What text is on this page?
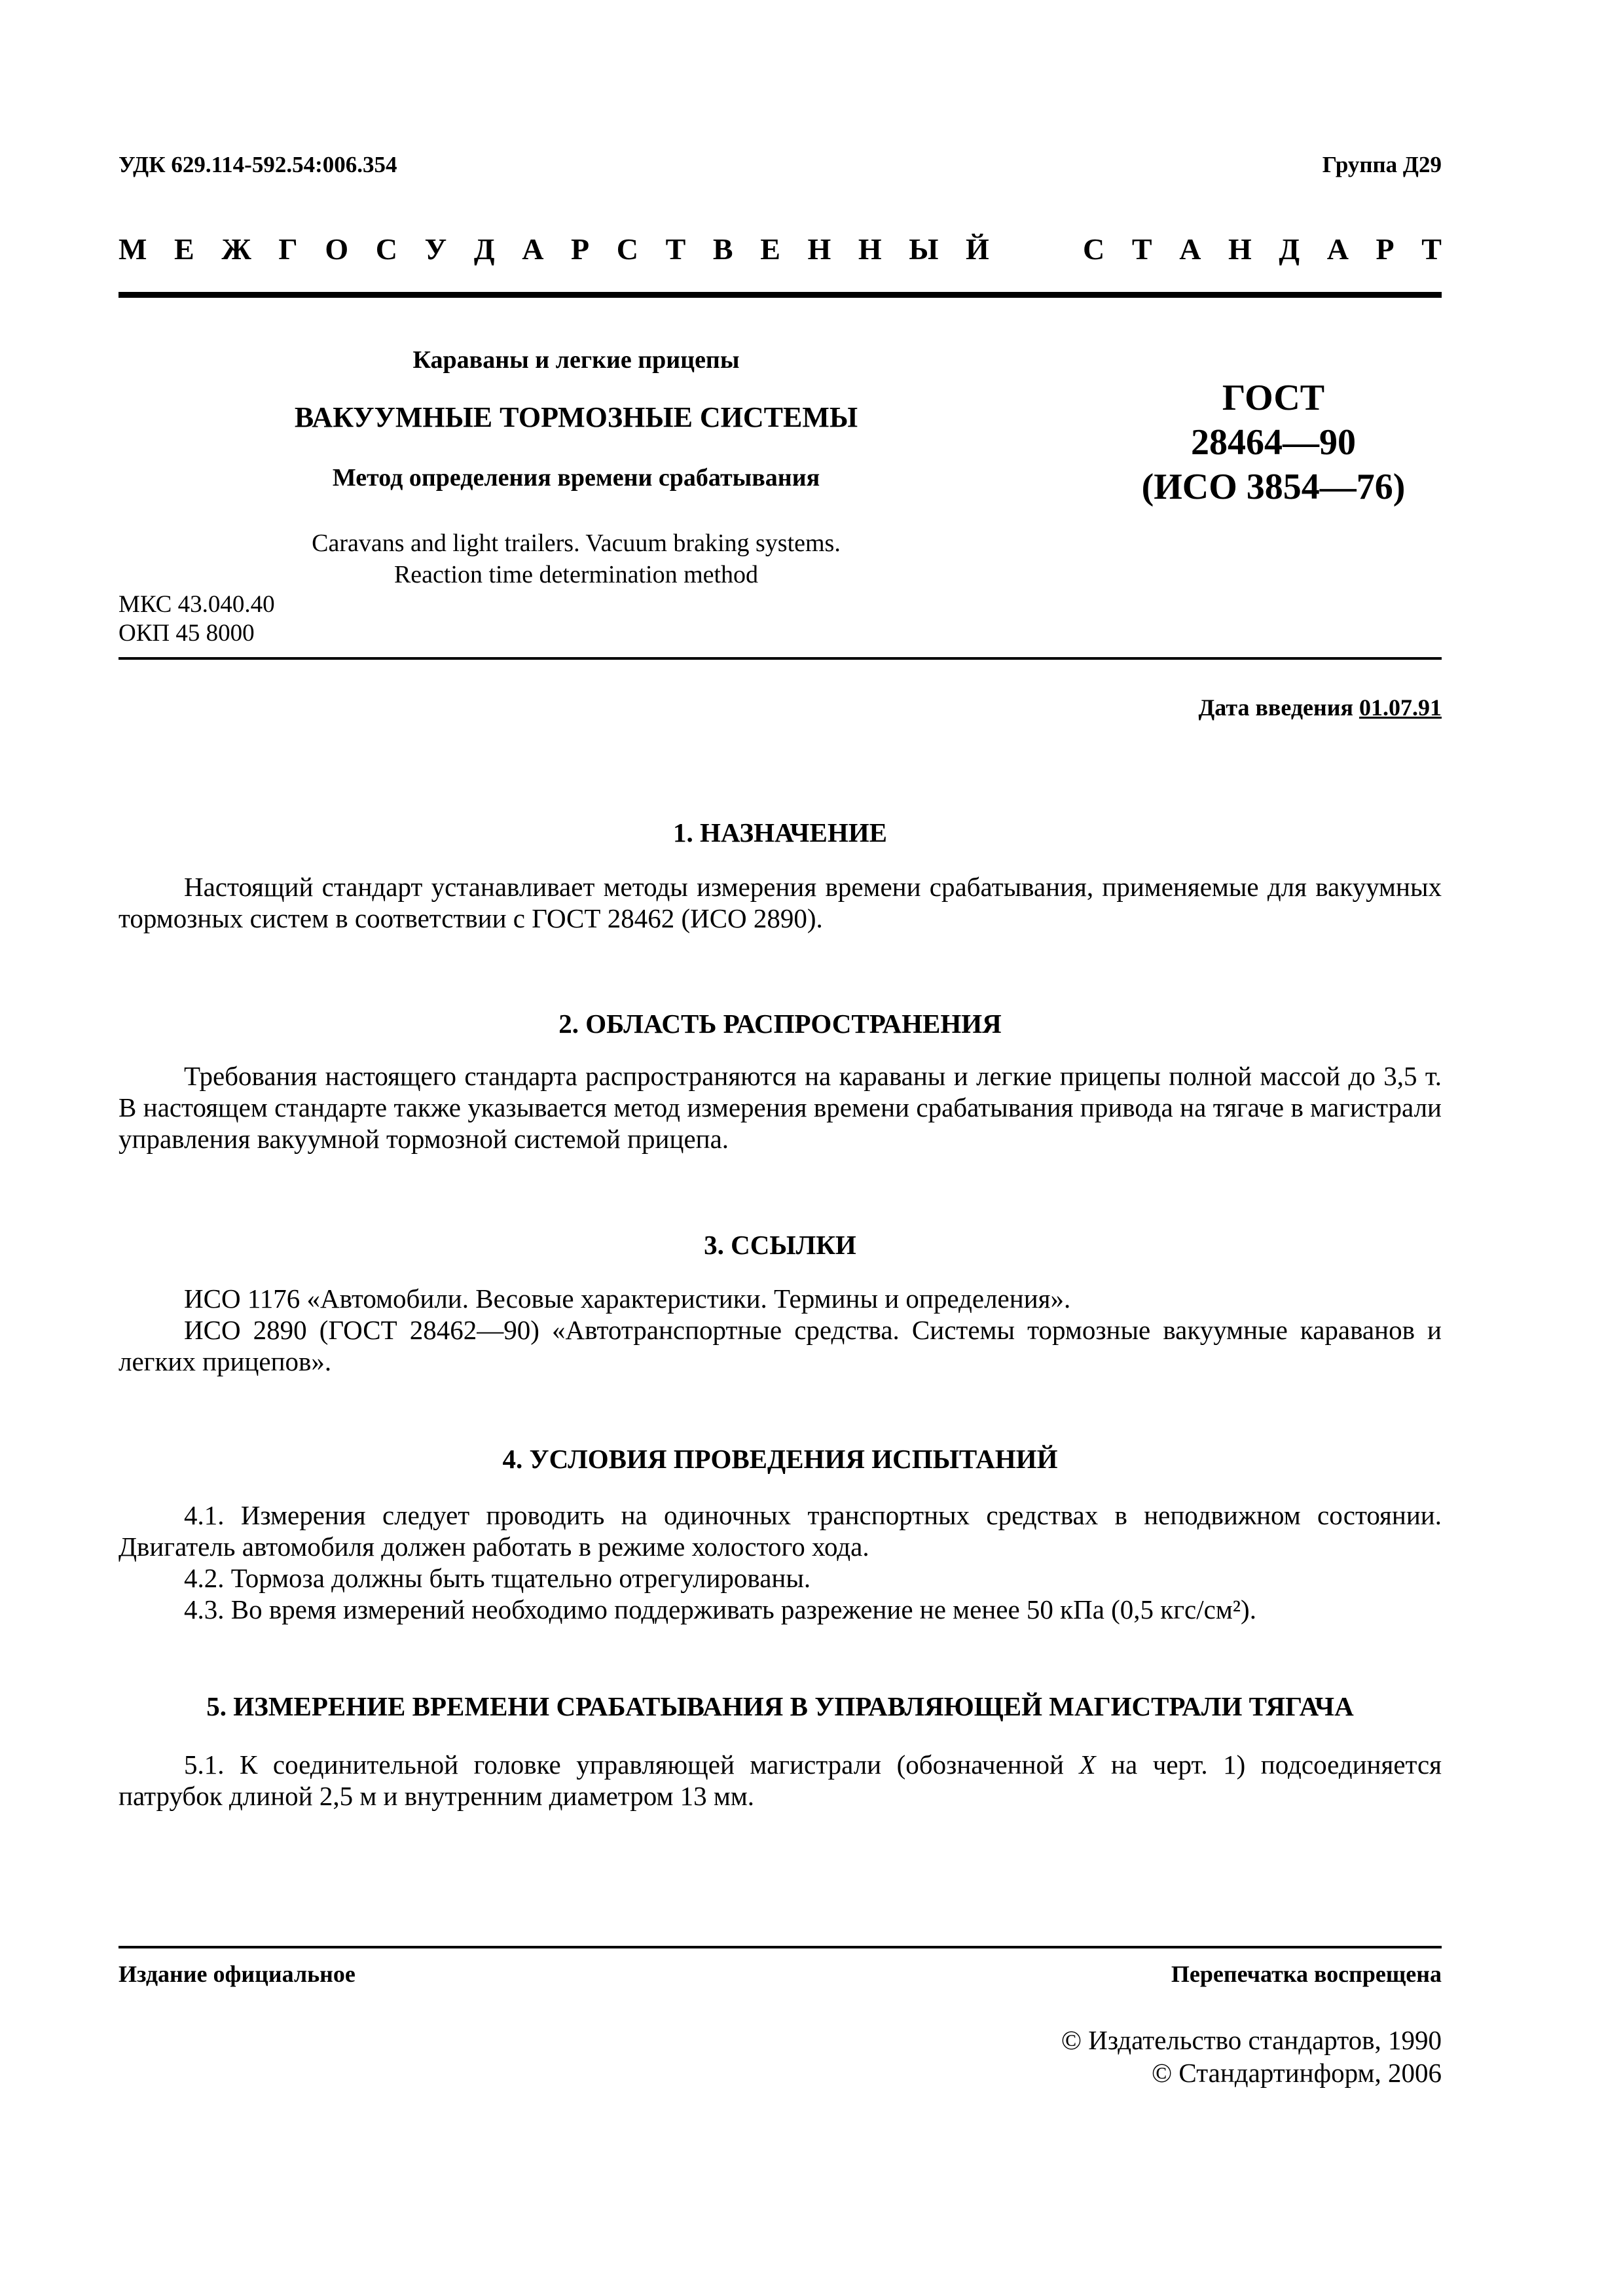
УДК 629.114-592.54:006.354	Группа Д29
М Е Ж Г О С У Д А Р С Т В Е Н Н Ы Й	С Т А Н Д А Р Т
Караваны и легкие прицепы
ВАКУУМНЫЕ ТОРМОЗНЫЕ СИСТЕМЫ
Метод определения времени срабатывания
Caravans and light trailers. Vacuum braking systems.
Reaction time determination method
ГОСТ
28464—90
(ИСО 3854—76)
МКС 43.040.40
ОКП 45 8000
Дата введения 01.07.91
1. НАЗНАЧЕНИЕ

Настоящий стандарт устанавливает методы измерения времени срабатывания, применяемые для вакуумных тормозных систем в соответствии с ГОСТ 28462 (ИСО 2890).

2. ОБЛАСТЬ РАСПРОСТРАНЕНИЯ

Требования настоящего стандарта распространяются на караваны и легкие прицепы полной массой до 3,5 т. В настоящем стандарте также указывается метод измерения времени срабатывания привода на тягаче в магистрали управления вакуумной тормозной системой прицепа.

3. ССЫЛКИ

ИСО 1176 «Автомобили. Весовые характеристики. Термины и определения».

ИСО 2890 (ГОСТ 28462—90) «Автотранспортные средства. Системы тормозные вакуумные караванов и легких прицепов».

4. УСЛОВИЯ ПРОВЕДЕНИЯ ИСПЫТАНИЙ

4.1. Измерения следует проводить на одиночных транспортных средствах в неподвижном состоянии. Двигатель автомобиля должен работать в режиме холостого хода.

4.2. Тормоза должны быть тщательно отрегулированы.

4.3. Во время измерений необходимо поддерживать разрежение не менее 50 кПа (0,5 кгс/см²).

5. ИЗМЕРЕНИЕ ВРЕМЕНИ СРАБАТЫВАНИЯ В УПРАВЛЯЮЩЕЙ МАГИСТРАЛИ ТЯГАЧА

5.1. К соединительной головке управляющей магистрали (обозначенной X на черт. 1) подсоединяется патрубок длиной 2,5 м и внутренним диаметром 13 мм.

Издание официальное	Перепечатка воспрещена
© Издательство стандартов, 1990
© Стандартинформ, 2006
